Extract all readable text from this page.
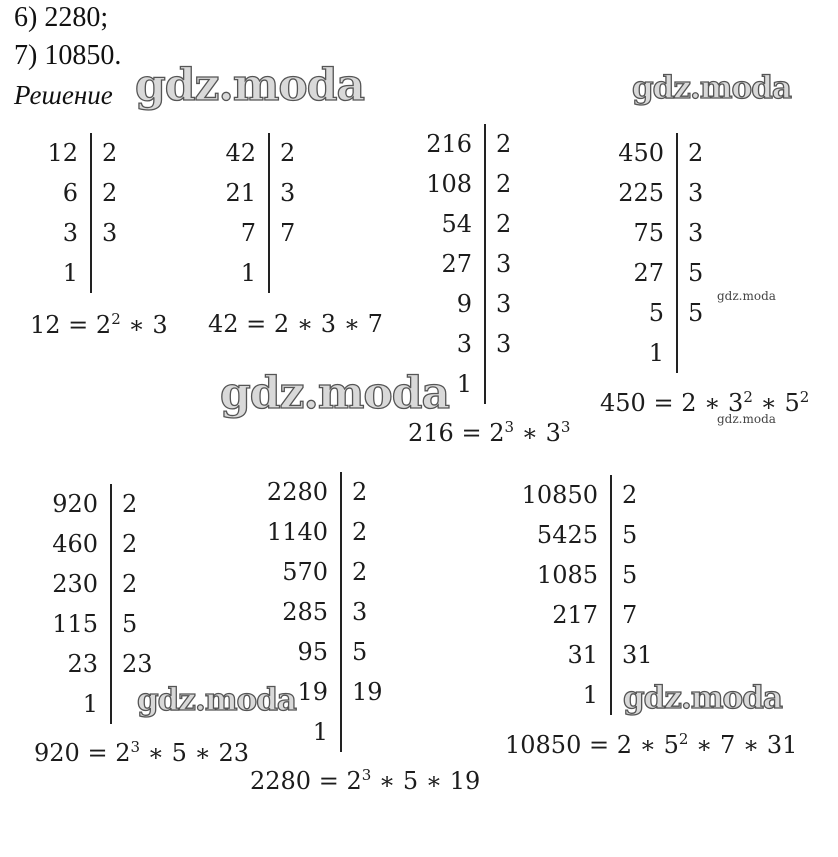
6) 2280;
7) 10850.
Решение gdz.moda	gdz.moda
gdz.moda
gdz.moda
gdz.moda
gdz.moda	gdz.moda
12	2
6	2
3	3
1
42	2
21	3
7	7
1
216	2
108	2
54	2
27	3
9	3
3	3
1
450	2
225	3
75	3
27	5
5	5
1
920	2
460	2
230	2
115	5
23	23
1
2280	2
1140	2
570	2
285	3
95	5
19	19
1
10850	2
5425	5
1085	5
217	7
31	31
1
$12 = 2^2$ ∗ 3 42 = 2 ∗ 3 ∗ 7
$216 = 2^3$ ∗ $3^3$
450 = 2 ∗ $3^2$ ∗ $5^2$
$920 = 2^3$ ∗ 5 ∗ 23
$2280 = 2^3$ ∗ 5 ∗ 19
10850 = 2 ∗ $5^2$ ∗ 7 ∗ 31
